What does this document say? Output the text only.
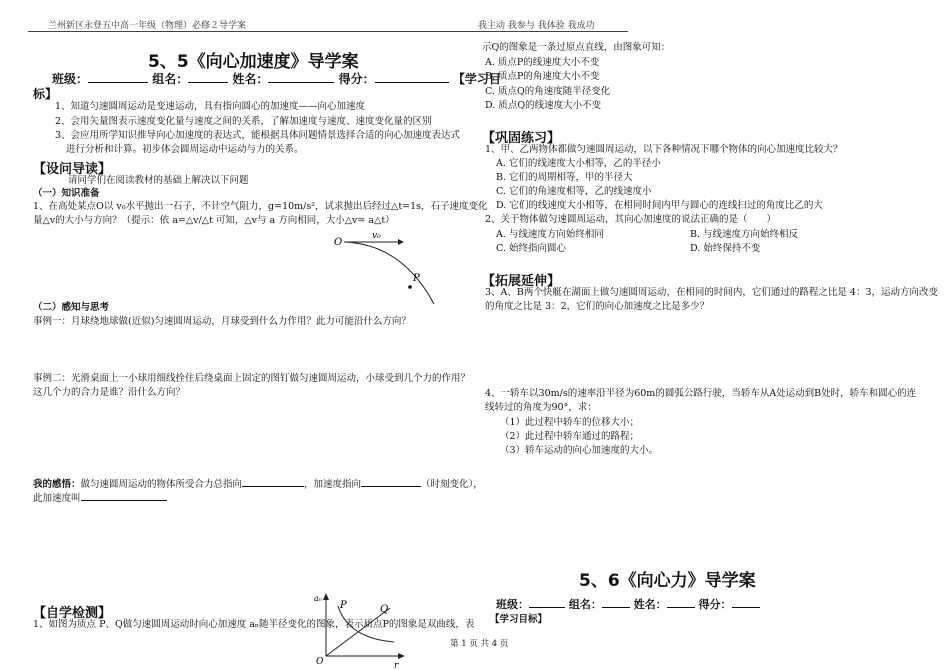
兰州新区永登五中高一年级（物理）必修２导学案	我主动 我参与 我体验 我成功
5、5《向心加速度》导学案
班级：	组名：	姓名：	得分：	【学习目
标】
1、知道匀速圆周运动是变速运动，具有指向圆心的加速度——向心加速度
2、会用矢量图表示速度变化量与速度之间的关系，了解加速度与速度、速度变化量的区别
3、会应用所学知识推导向心加速度的表达式，能根据具体问题情景选择合适的向心加速度表达式
进行分析和计算。初步体会圆周运动中运动与力的关系。
【设问导读】
请同学们在阅读教材的基础上解决以下问题
（一）知识准备
1、在高处某点O以 v₀水平抛出一石子，不计空气阻力，g=10m/s²，试求抛出后经过△t=1s，石子速度变化
量△v的大小与方向？（提示：依 a=△v/△t 可知，△v与 a 方向相同，大小△v= a△t）
O
v₀
P
（二）感知与思考
事例一：月球绕地球做(近似)匀速圆周运动，月球受到什么力作用？此力可能沿什么方向？
事例二：光滑桌面上一小球用细线拴住后绕桌面上固定的图钉做匀速圆周运动，小球受到几个力的作用？
这几个力的合力是谁？沿什么方向？
我的感悟：做匀速圆周运动的物体所受合力总指向	，加速度指向	（时刻变化），
此加速度叫
【自学检测】
1、如图为质点 P、Q做匀速圆周运动时向心加速度 aₙ随半径变化的图象，表示质点P的图象是双曲线，表
aₙ
P	Q
O	r
示Q的图象是一条过原点直线，由图象可知：
A. 质点P的线速度大小不变
B. 质点P的角速度大小不变
C. 质点Q的角速度随半径变化
D. 质点Q的线速度大小不变
【巩固练习】
1、甲、乙两物体都做匀速圆周运动，以下各种情况下哪个物体的向心加速度比较大？
A. 它们的线速度大小相等，乙的半径小
B. 它们的周期相等，甲的半径大
C. 它们的角速度相等，乙的线速度小
D. 它们的线速度大小相等，在相同时间内甲与圆心的连线扫过的角度比乙的大
2、关于物体做匀速圆周运动，其向心加速度的说法正确的是（　　）
A. 与线速度方向始终相同	B. 与线速度方向始终相反
C. 始终指向圆心	D. 始终保持不变
【拓展延伸】
3、A、B两个快艇在湖面上做匀速圆周运动，在相同的时间内，它们通过的路程之比是 4：3，运动方向改变
的角度之比是 3：2，它们的向心加速度之比是多少？
4、一轿车以30m/s的速率沿半径为60m的圆弧公路行驶，当轿车从A处运动到B处时，轿车和圆心的连
线转过的角度为90°，求：
（1）此过程中轿车的位移大小；
（2）此过程中轿车通过的路程；
（3）轿车运动的向心加速度的大小。
5、6《向心力》导学案
班级：	组名：	姓名：	得分：
【学习目标】
第 1 页 共 4 页
